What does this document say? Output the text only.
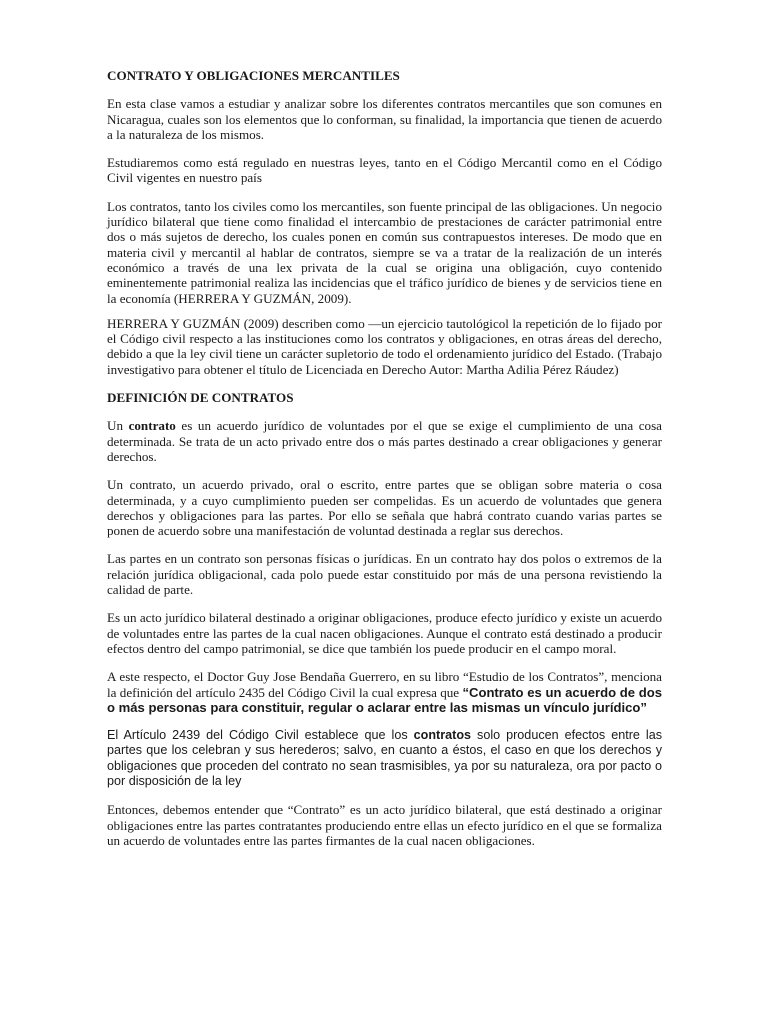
CONTRATO Y OBLIGACIONES MERCANTILES

En esta clase vamos a estudiar y analizar sobre los diferentes contratos mercantiles que son comunes en Nicaragua, cuales son los elementos que lo conforman, su finalidad, la importancia que tienen de acuerdo a la naturaleza de los mismos.

Estudiaremos como está regulado en nuestras leyes, tanto en el Código Mercantil como en el Código Civil vigentes en nuestro país

Los contratos, tanto los civiles como los mercantiles, son fuente principal de las obligaciones. Un negocio jurídico bilateral que tiene como finalidad el intercambio de prestaciones de carácter patrimonial entre dos o más sujetos de derecho, los cuales ponen en común sus contrapuestos intereses. De modo que en materia civil y mercantil al hablar de contratos, siempre se va a tratar de la realización de un interés económico a través de una lex privata de la cual se origina una obligación, cuyo contenido eminentemente patrimonial realiza las incidencias que el tráfico jurídico de bienes y de servicios tiene en la economía (HERRERA Y GUZMÁN, 2009).

HERRERA Y GUZMÁN (2009) describen como ―un ejercicio tautológicol la repetición de lo fijado por el Código civil respecto a las instituciones como los contratos y obligaciones, en otras áreas del derecho, debido a que la ley civil tiene un carácter supletorio de todo el ordenamiento jurídico del Estado. (Trabajo investigativo para obtener el título de Licenciada en Derecho Autor: Martha Adilia Pérez Ráudez)

DEFINICIÓN DE CONTRATOS

Un contrato es un acuerdo jurídico de voluntades por el que se exige el cumplimiento de una cosa determinada. Se trata de un acto privado entre dos o más partes destinado a crear obligaciones y generar derechos.

Un contrato, un acuerdo privado, oral o escrito, entre partes que se obligan sobre materia o cosa determinada, y a cuyo cumplimiento pueden ser compelidas. Es un acuerdo de voluntades que genera derechos y obligaciones para las partes. Por ello se señala que habrá contrato cuando varias partes se ponen de acuerdo sobre una manifestación de voluntad destinada a reglar sus derechos.

Las partes en un contrato son personas físicas o jurídicas. En un contrato hay dos polos o extremos de la relación jurídica obligacional, cada polo puede estar constituido por más de una persona revistiendo la calidad de parte.

Es un acto jurídico bilateral destinado a originar obligaciones, produce efecto jurídico y existe un acuerdo de voluntades entre las partes de la cual nacen obligaciones. Aunque el contrato está destinado a producir efectos dentro del campo patrimonial, se dice que también los puede producir en el campo moral.

A este respecto, el Doctor Guy Jose Bendaña Guerrero, en su libro “Estudio de los Contratos”, menciona la definición del artículo 2435 del Código Civil la cual expresa que “Contrato es un acuerdo de dos o más personas para constituir, regular o aclarar entre las mismas un vínculo jurídico”

El Artículo 2439 del Código Civil establece que los contratos solo producen efectos entre las partes que los celebran y sus herederos; salvo, en cuanto a éstos, el caso en que los derechos y obligaciones que proceden del contrato no sean trasmisibles, ya por su naturaleza, ora por pacto o por disposición de la ley

Entonces, debemos entender que “Contrato” es un acto jurídico bilateral, que está destinado a originar obligaciones entre las partes contratantes produciendo entre ellas un efecto jurídico en el que se formaliza un acuerdo de voluntades entre las partes firmantes de la cual nacen obligaciones.
